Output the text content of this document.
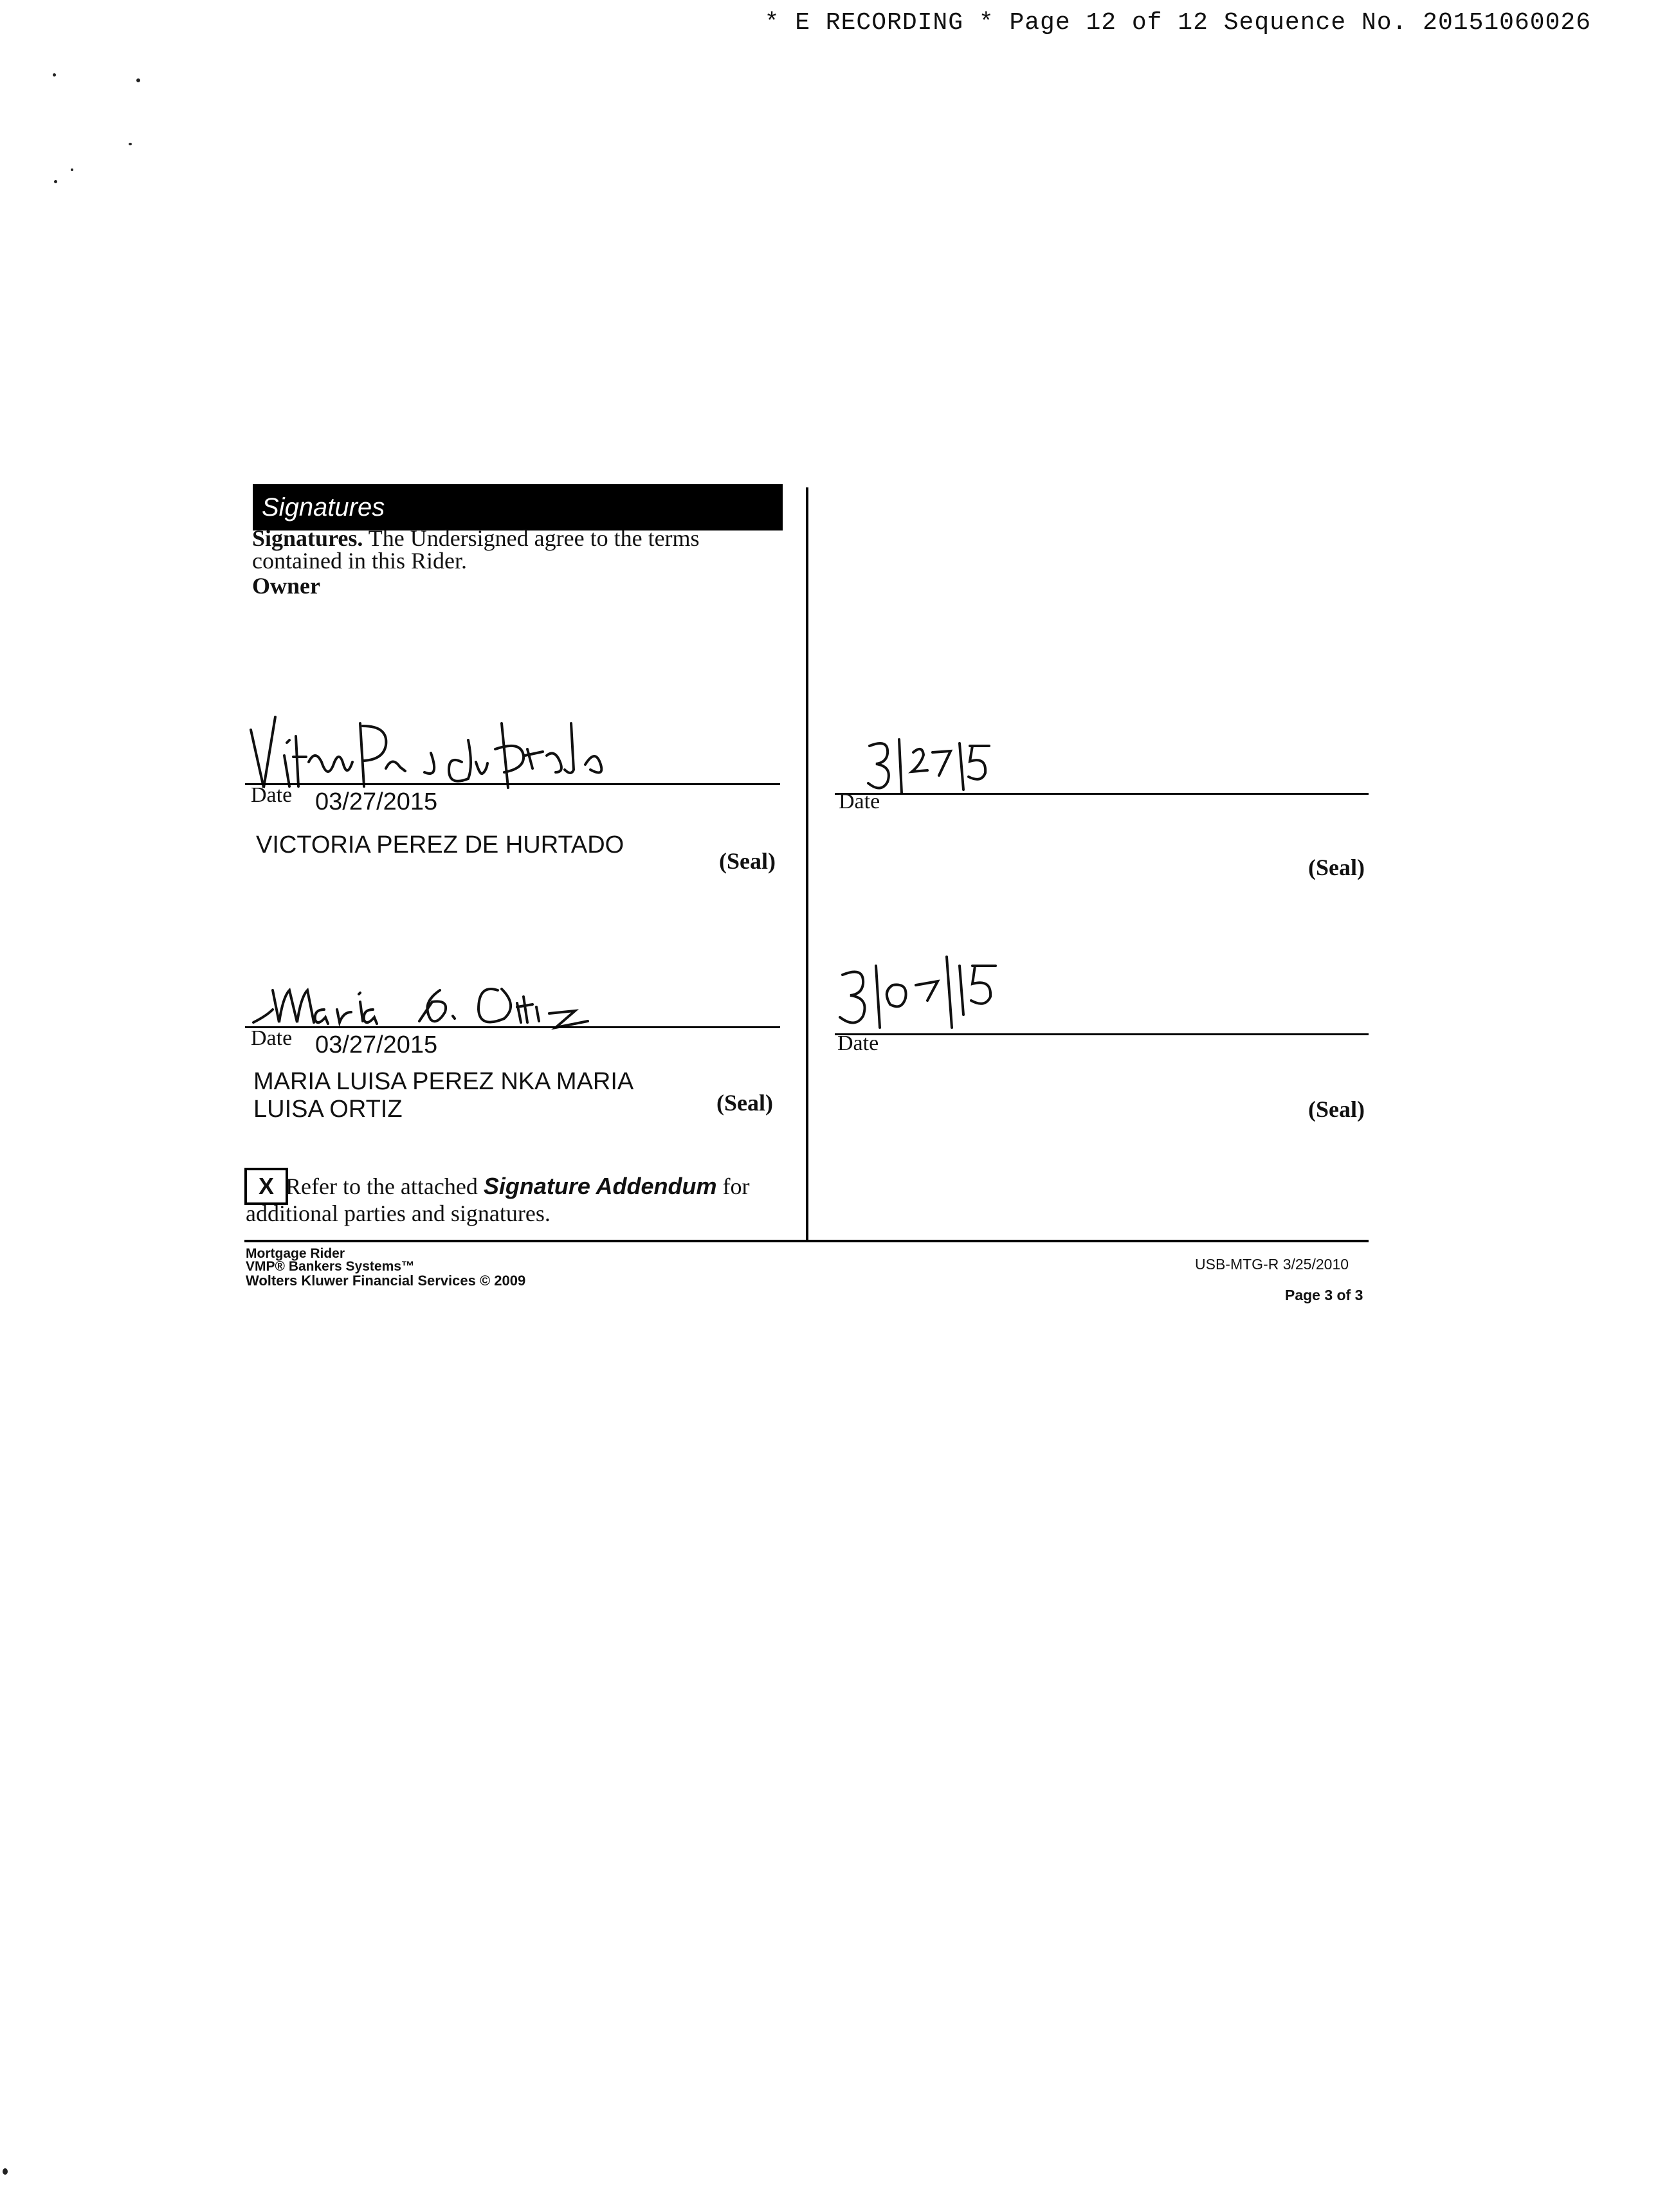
* E RECORDING * Page 12 of 12 Sequence No. 20151060026
Signatures
Signatures. The Undersigned agree to the terms contained in this Rider.
Owner
Date 03/27/2015
VICTORIA PEREZ DE HURTADO
(Seal)
Date 03/27/2015
MARIA LUISA PEREZ NKA MARIA
LUISA ORTIZ	(Seal)
Date
(Seal)
Date
(Seal)
X Refer to the attached Signature Addendum for
additional parties and signatures.
Mortgage Rider
VMP® Bankers Systems™
Wolters Kluwer Financial Services © 2009
USB-MTG-R 3/25/2010
Page 3 of 3
